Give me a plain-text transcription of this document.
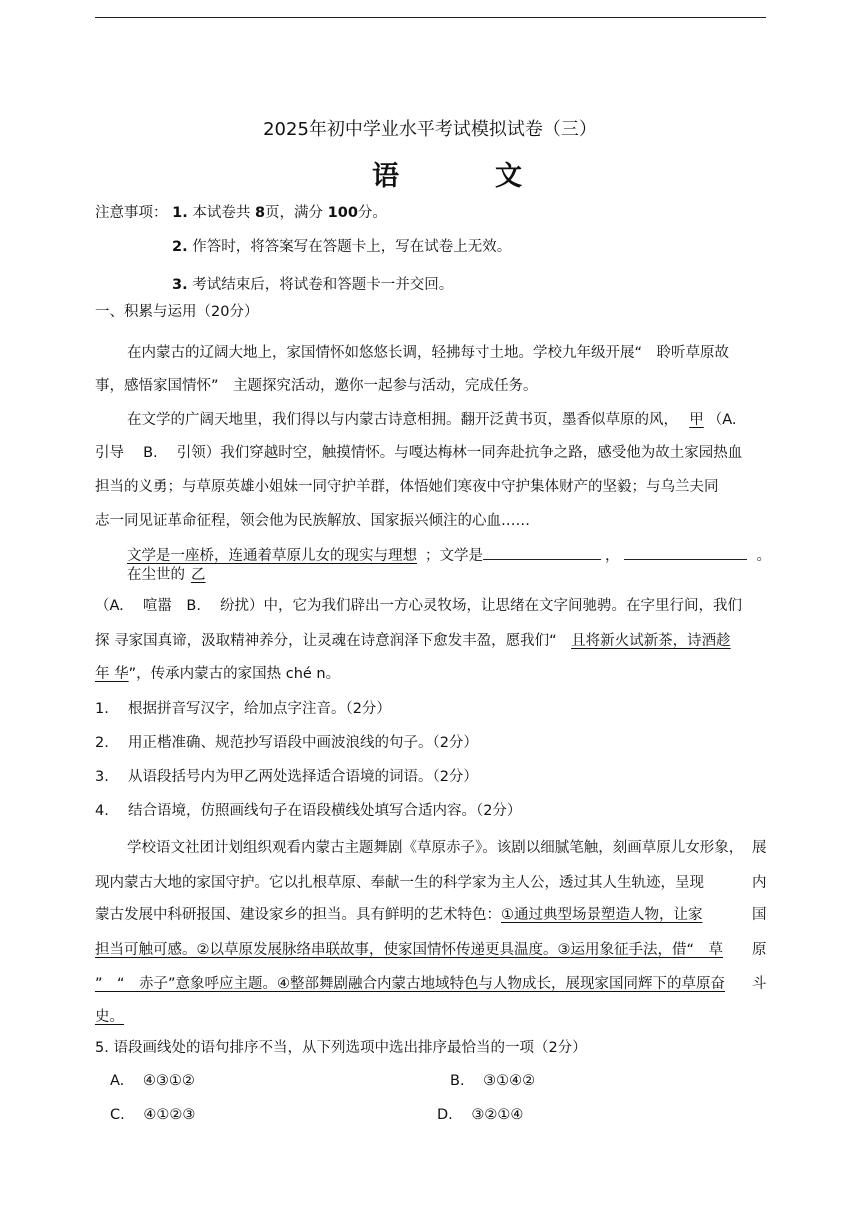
2025年初中学业水平考试模拟试卷（三）
语	文
注意事项： 1. 本试卷共 8页，满分 100分。
2. 作答时，将答案写在答题卡上，写在试卷上无效。
3. 考试结束后，将试卷和答题卡一并交回。
一、积累与运用（20分）
在内蒙古的辽阔大地上，家国情怀如悠悠长调，轻拂每寸土地。学校九年级开展“　聆听草原故
事，感悟家国情怀”　主题探究活动，邀你一起参与活动，完成任务。
在文学的广阔天地里，我们得以与内蒙古诗意相拥。翻开泛黄书页，墨香似草原的风，　甲 （A.
引导　 B.　 引领）我们穿越时空，触摸情怀。与嘎达梅林一同奔赴抗争之路，感受他为故土家园热血
担当的义勇；与草原英雄小姐妹一同守护羊群，体悟她们寒夜中守护集体财产的坚毅；与乌兰夫同
志一同见证革命征程，领会他为民族解放、国家振兴倾注的心血……
文学是一座桥，连通着草原儿女的现实与理想 ；文学是	，	。
在尘世的 乙
（A.　 喧嚣　B.　 纷扰）中，它为我们辟出一方心灵牧场，让思绪在文字间驰骋。在字里行间，我们
探 寻家国真谛，汲取精神养分，让灵魂在诗意润泽下愈发丰盈，愿我们“　且将新火试新茶，诗酒趁
年 华”，传承内蒙古的家国热 ché n。
1.　 根据拼音写汉字，给加点字注音。（2分）
2.　 用正楷准确、规范抄写语段中画波浪线的句子。（2分）
3.　 从语段括号内为甲乙两处选择适合语境的词语。（2分）
4.　 结合语境，仿照画线句子在语段横线处填写合适内容。（2分）
学校语文社团计划组织观看内蒙古主题舞剧《草原赤子》。该剧以细腻笔触，刻画草原儿女形象， 展
现内蒙古大地的家国守护。它以扎根草原、奉献一生的科学家为主人公，透过其人生轨迹，呈现	内
蒙古发展中科研报国、建设家乡的担当。具有鲜明的艺术特色：①通过典型场景塑造人物，让家	国
担当可触可感。②以草原发展脉络串联故事，使家国情怀传递更具温度。③运用象征手法，借“　草 原
”　“　赤子”意象呼应主题。④整部舞剧融合内蒙古地域特色与人物成长，展现家国同辉下的草原奋 斗
史。
5. 语段画线处的语句排序不当，从下列选项中选出排序最恰当的一项（2分）
A. ④③①②	B. ③①④②
C. ④①②③	D. ③②①④
